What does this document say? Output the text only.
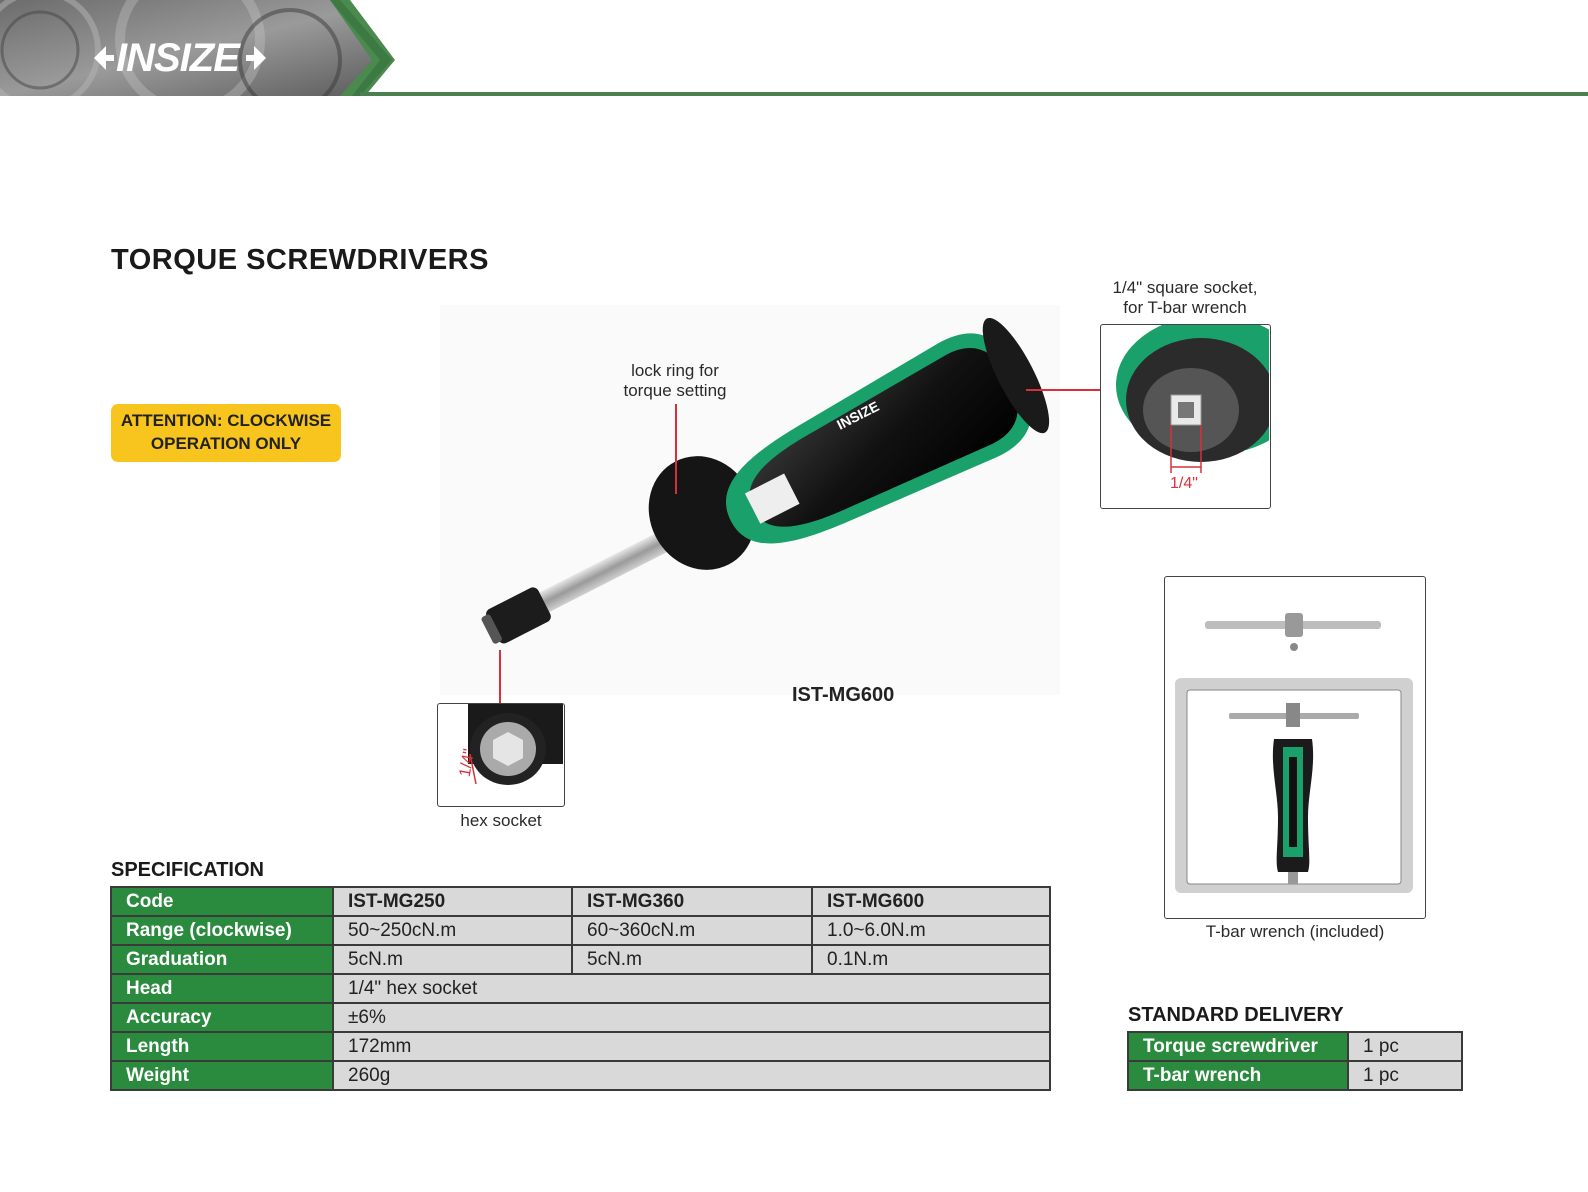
INSIZE
TORQUE SCREWDRIVERS
ATTENTION: CLOCKWISE
OPERATION ONLY
INSIZE
lock ring for
torque setting
1/4" square socket,
for T-bar wrench
1/4"
1/4"
hex socket
IST-MG600
T-bar wrench (included)
SPECIFICATION
Code	IST-MG250	IST-MG360	IST-MG600
Range (clockwise)	50~250cN.m	60~360cN.m	1.0~6.0N.m
Graduation	5cN.m	5cN.m	0.1N.m
Head	1/4" hex socket		
Accuracy	±6%		
Length	172mm		
Weight	260g		
STANDARD DELIVERY
Torque screwdriver	1 pc
T-bar wrench	1 pc
